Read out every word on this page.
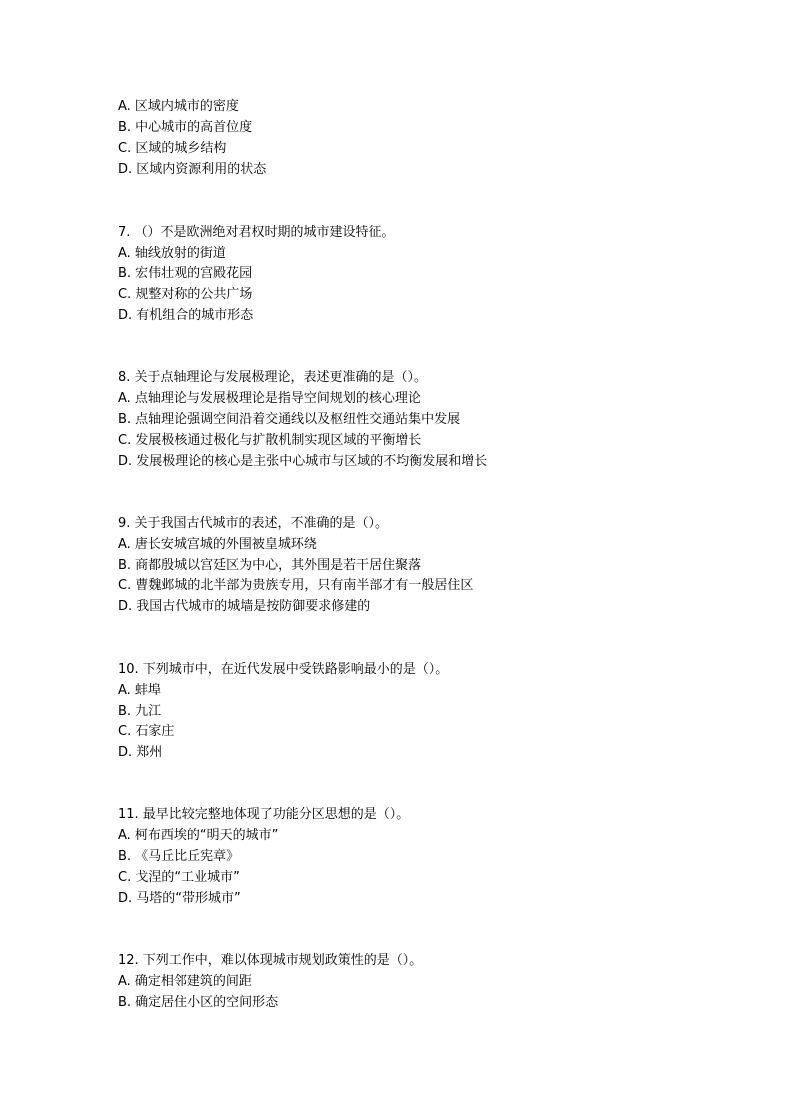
A. 区域内城市的密度
B. 中心城市的高首位度
C. 区域的城乡结构
D. 区域内资源利用的状态
7. （）不是欧洲绝对君权时期的城市建设特征。
A. 轴线放射的街道
B. 宏伟壮观的宫殿花园
C. 规整对称的公共广场
D. 有机组合的城市形态
8. 关于点轴理论与发展极理论，表述更准确的是（）。
A. 点轴理论与发展极理论是指导空间规划的核心理论
B. 点轴理论强调空间沿着交通线以及枢纽性交通站集中发展
C. 发展极核通过极化与扩散机制实现区域的平衡增长
D. 发展极理论的核心是主张中心城市与区域的不均衡发展和增长
9. 关于我国古代城市的表述，不准确的是（）。
A. 唐长安城宫城的外围被皇城环绕
B. 商都殷城以宫廷区为中心，其外围是若干居住聚落
C. 曹魏邺城的北半部为贵族专用，只有南半部才有一般居住区
D. 我国古代城市的城墙是按防御要求修建的
10. 下列城市中，在近代发展中受铁路影响最小的是（）。
A. 蚌埠
B. 九江
C. 石家庄
D. 郑州
11. 最早比较完整地体现了功能分区思想的是（）。
A. 柯布西埃的“明天的城市”
B. 《马丘比丘宪章》
C. 戈涅的“工业城市”
D. 马塔的“带形城市”
12. 下列工作中，难以体现城市规划政策性的是（）。
A. 确定相邻建筑的间距
B. 确定居住小区的空间形态
